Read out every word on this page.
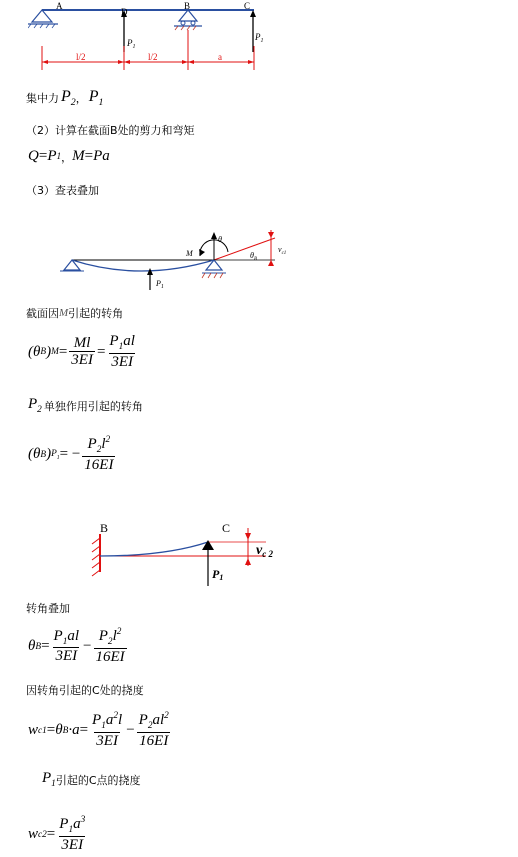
A
D
B	C
$P_1$
$P_1$
l/2	l/2	a
集中力 $P_2$ ， $P_1$
（2）计算在截面B处的剪力和弯矩
Q = P 1 ， M = Pa
（3）查表叠加
$P_1$
M
θ
$\theta_B$
$v_{c1}$
截面因 M 引起的转角
(θ B ) $M = \frac{Ml}{3EI} = \frac{P_1al}{3EI}$
$P_2$ 单独作用引起的转角
(θ B ) $P_1$ = − $\frac{P_2l^2}{16EI}$
B	C
P1
$v_{c 2}$
转角叠加
θ $B = \frac{P_1al}{3EI} - \frac{P_2l^2}{16EI}$
因转角引起的C处的挠度
w c1 = θ $B \cdot a = \frac{P_1a^2l}{3EI} - \frac{P_2al^2}{16EI}$
$P_1$ 引起的C点的挠度
w $c2 = \frac{P_1a^3}{3EI}$
